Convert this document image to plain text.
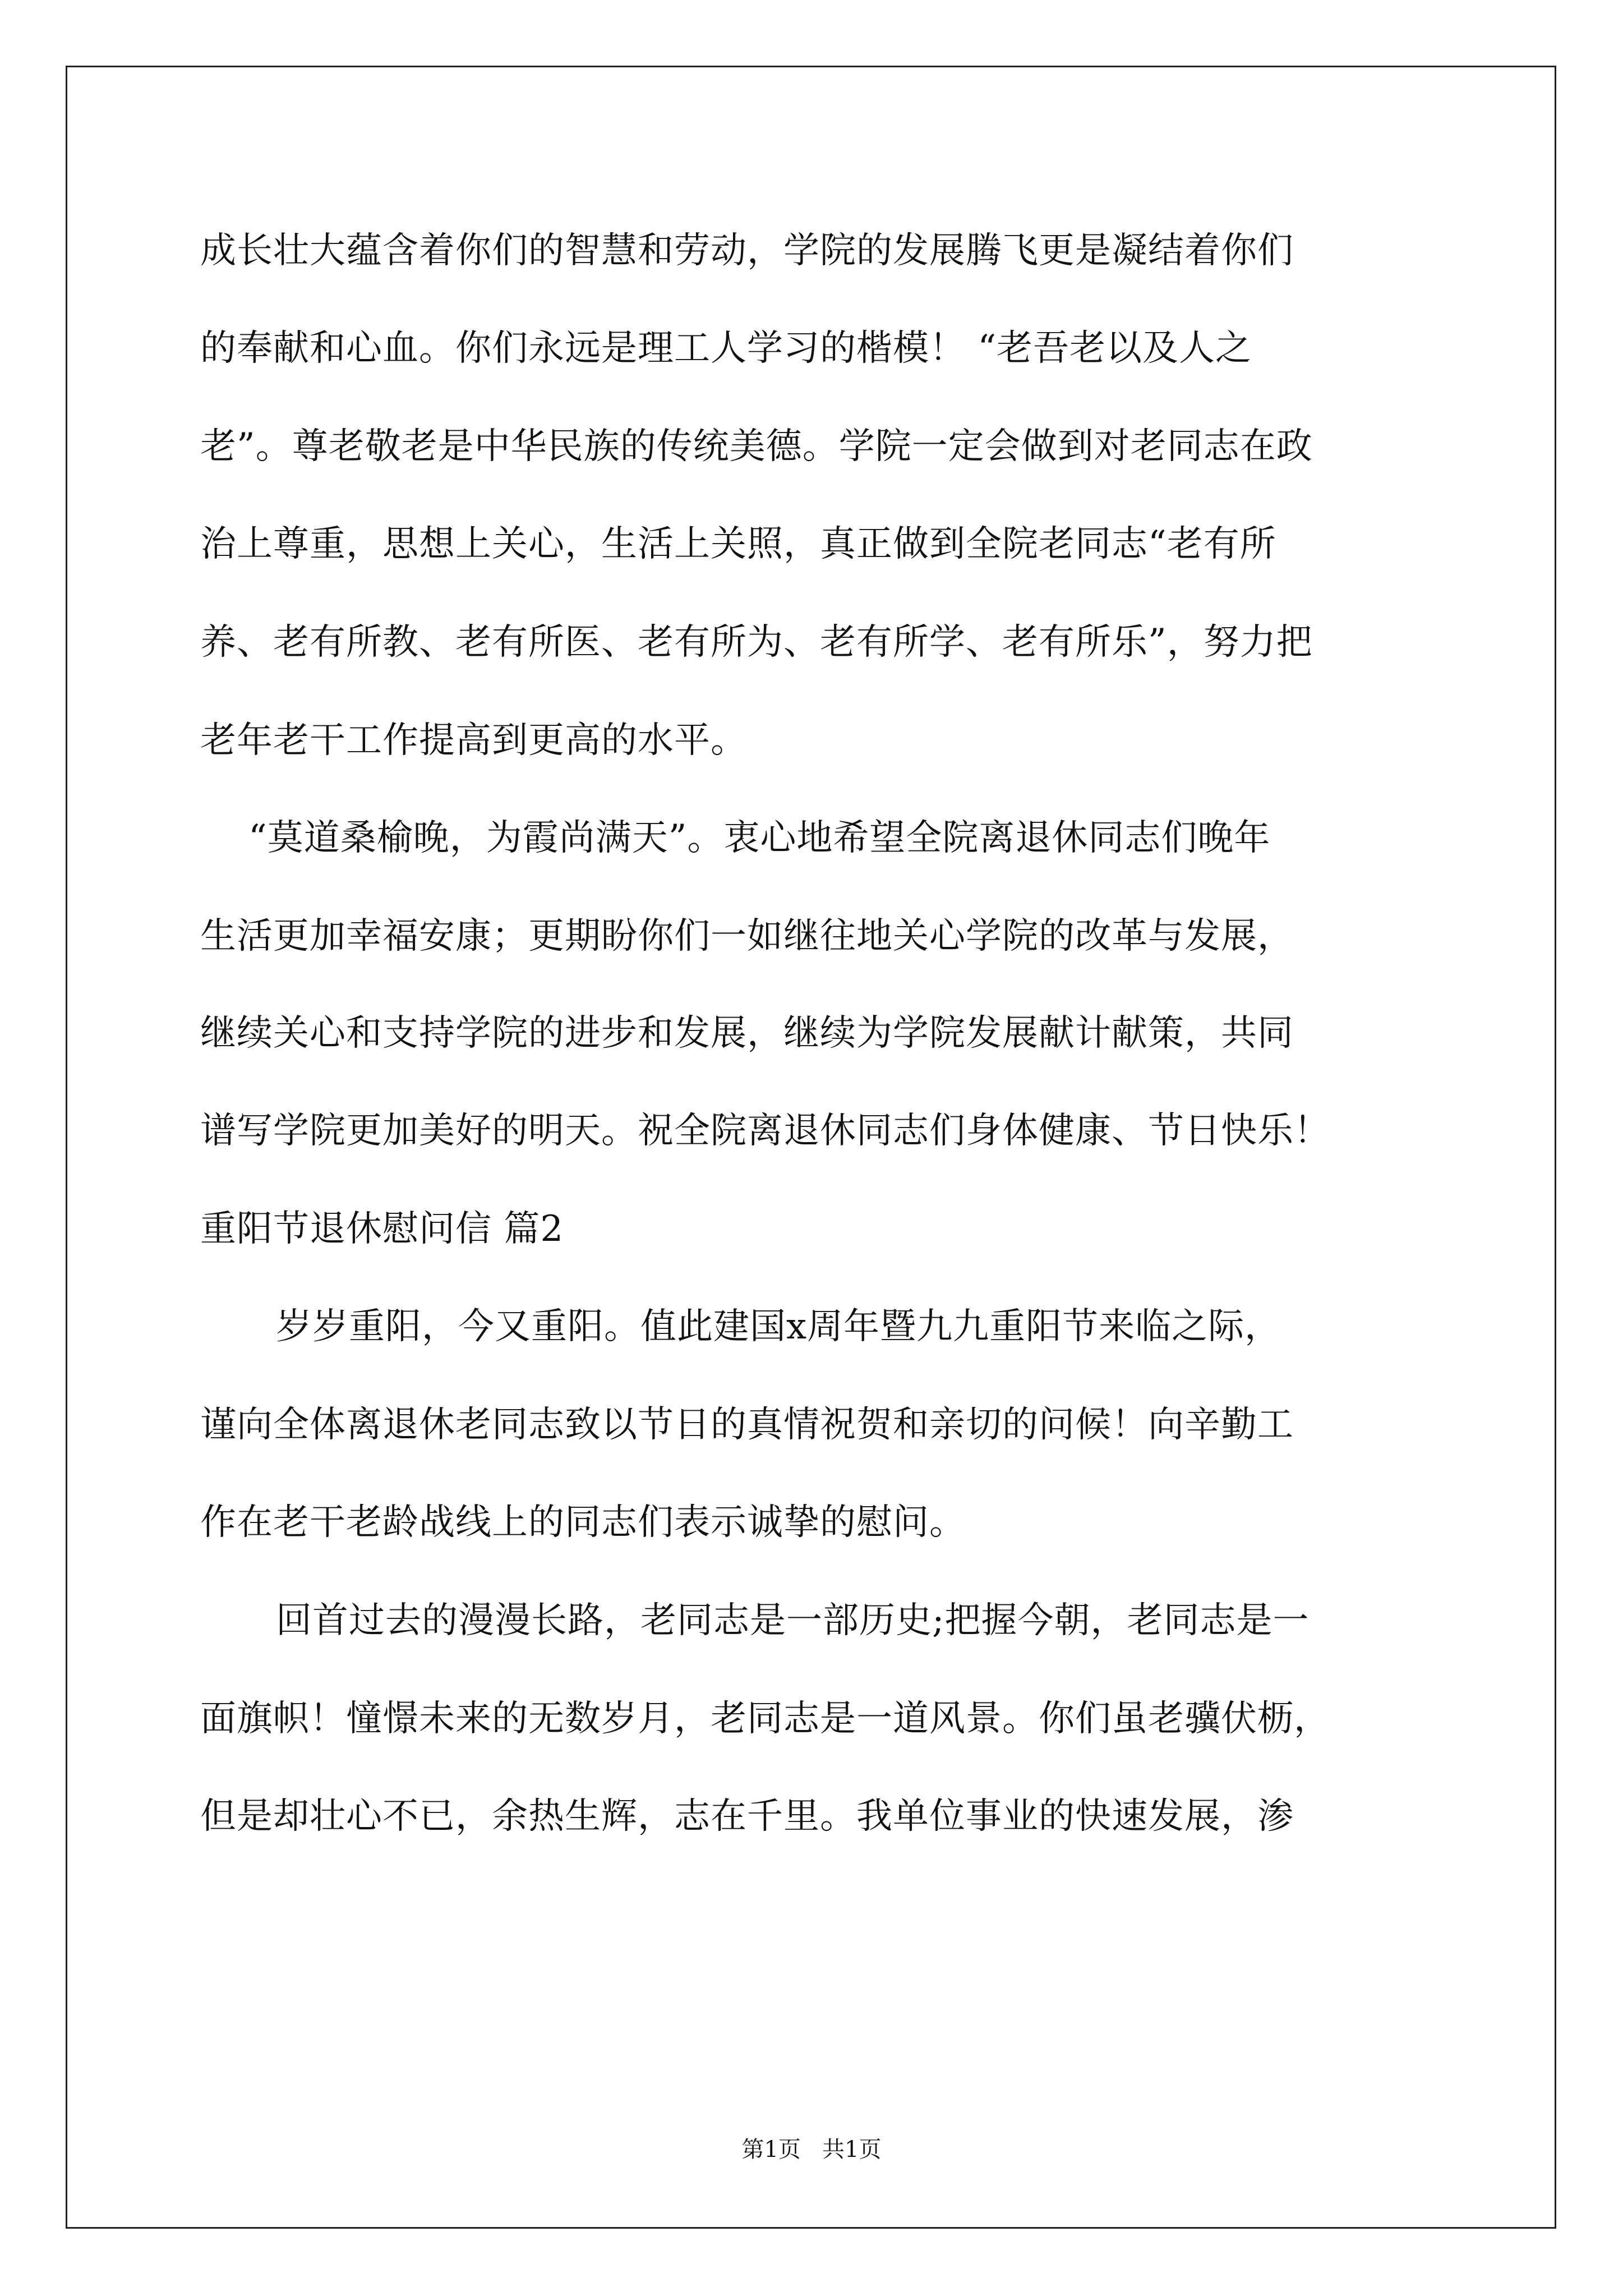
成长壮大蕴含着你们的智慧和劳动，学院的发展腾飞更是凝结着你们
的奉献和心血。你们永远是理工人学习的楷模！ “老吾老以及人之
老”。尊老敬老是中华民族的传统美德。学院一定会做到对老同志在政
治上尊重，思想上关心，生活上关照，真正做到全院老同志“老有所
养、老有所教、老有所医、老有所为、老有所学、老有所乐”，努力把
老年老干工作提高到更高的水平。
“莫道桑榆晚，为霞尚满天”。衷心地希望全院离退休同志们晚年
生活更加幸福安康；更期盼你们一如继往地关心学院的改革与发展，
继续关心和支持学院的进步和发展，继续为学院发展献计献策，共同
谱写学院更加美好的明天。祝全院离退休同志们身体健康、节日快乐！
重阳节退休慰问信 篇2
岁岁重阳，今又重阳。值此建国x周年暨九九重阳节来临之际，
谨向全体离退休老同志致以节日的真情祝贺和亲切的问候！向辛勤工
作在老干老龄战线上的同志们表示诚挚的慰问。
回首过去的漫漫长路，老同志是一部历史;把握今朝，老同志是一
面旗帜！憧憬未来的无数岁月，老同志是一道风景。你们虽老骥伏枥，
但是却壮心不已，余热生辉，志在千里。我单位事业的快速发展，渗
第1页   共1页
